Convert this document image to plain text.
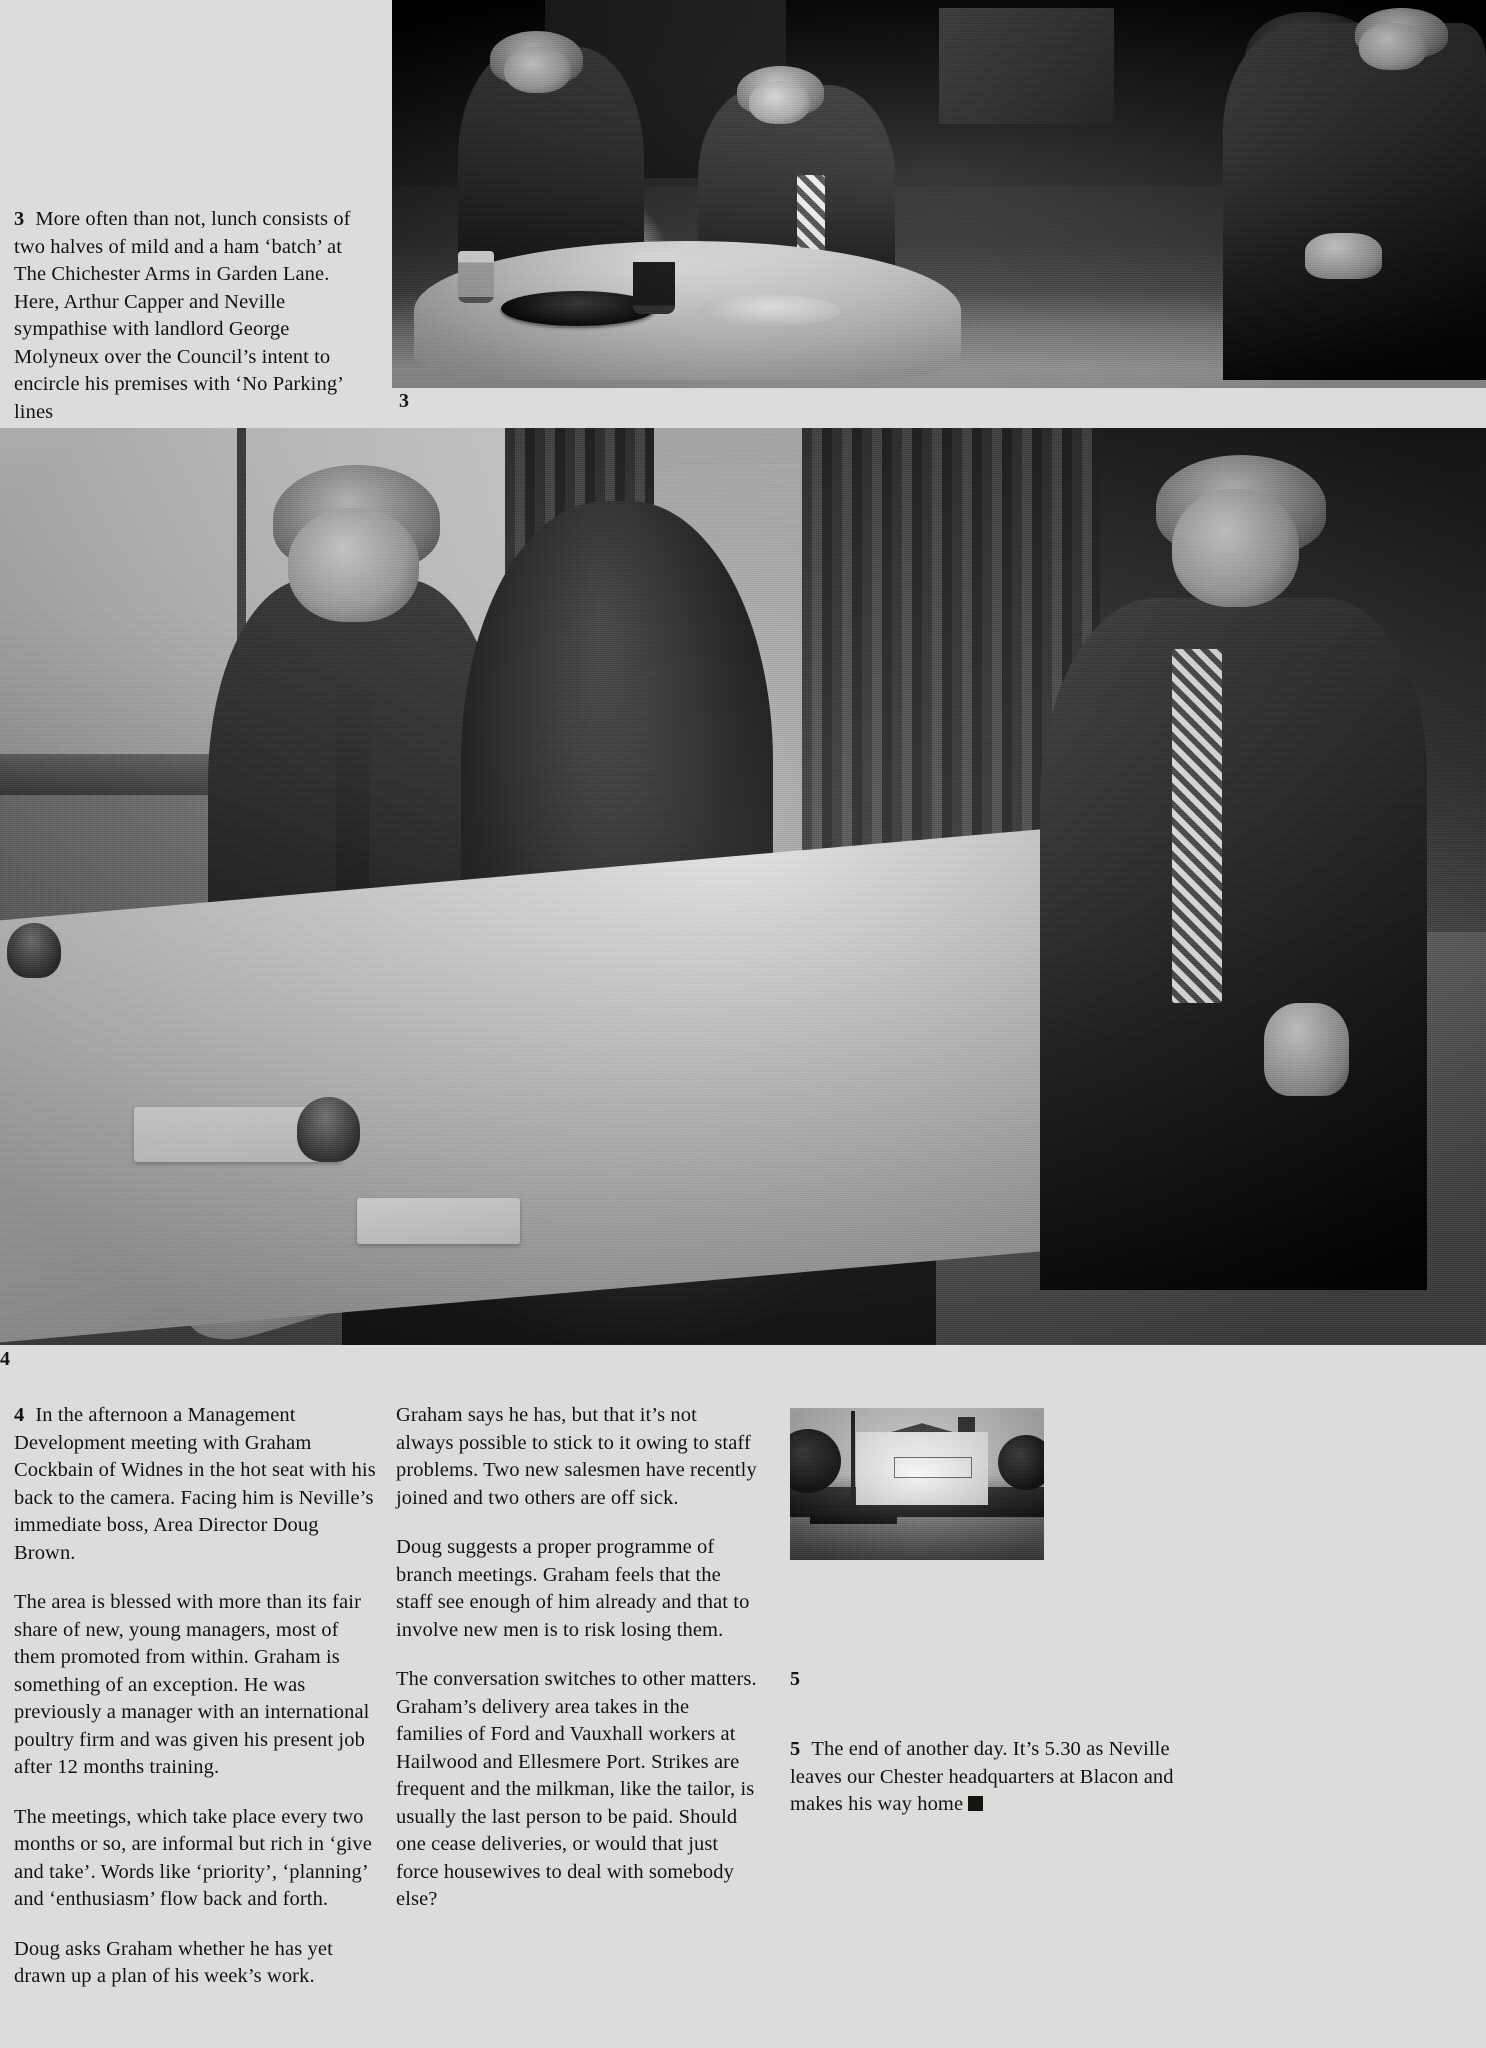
3

3 More often than not, lunch consists of two halves of mild and a ham ‘batch’ at The Chichester Arms in Garden Lane. Here, Arthur Capper and Neville sympathise with landlord George Molyneux over the Council’s intent to encircle his premises with ‘No Parking’ lines

4

4 In the afternoon a Management Development meeting with Graham Cockbain of Widnes in the hot seat with his back to the camera. Facing him is Neville’s immediate boss, Area Director Doug Brown.

The area is blessed with more than its fair share of new, young managers, most of them promoted from within. Graham is something of an exception. He was previously a manager with an international poultry firm and was given his present job after 12 months training.

The meetings, which take place every two months or so, are informal but rich in ‘give and take’. Words like ‘priority’, ‘planning’ and ‘enthusiasm’ flow back and forth.

Doug asks Graham whether he has yet drawn up a plan of his week’s work.

Graham says he has, but that it’s not always possible to stick to it owing to staff problems. Two new salesmen have recently joined and two others are off sick.

Doug suggests a proper programme of branch meetings. Graham feels that the staff see enough of him already and that to involve new men is to risk losing them.

The conversation switches to other matters. Graham’s delivery area takes in the families of Ford and Vauxhall workers at Hailwood and Ellesmere Port. Strikes are frequent and the milkman, like the tailor, is usually the last person to be paid. Should one cease deliveries, or would that just force housewives to deal with somebody else?

5

5 The end of another day. It’s 5.30 as Neville leaves our Chester headquarters at Blacon and makes his way home
